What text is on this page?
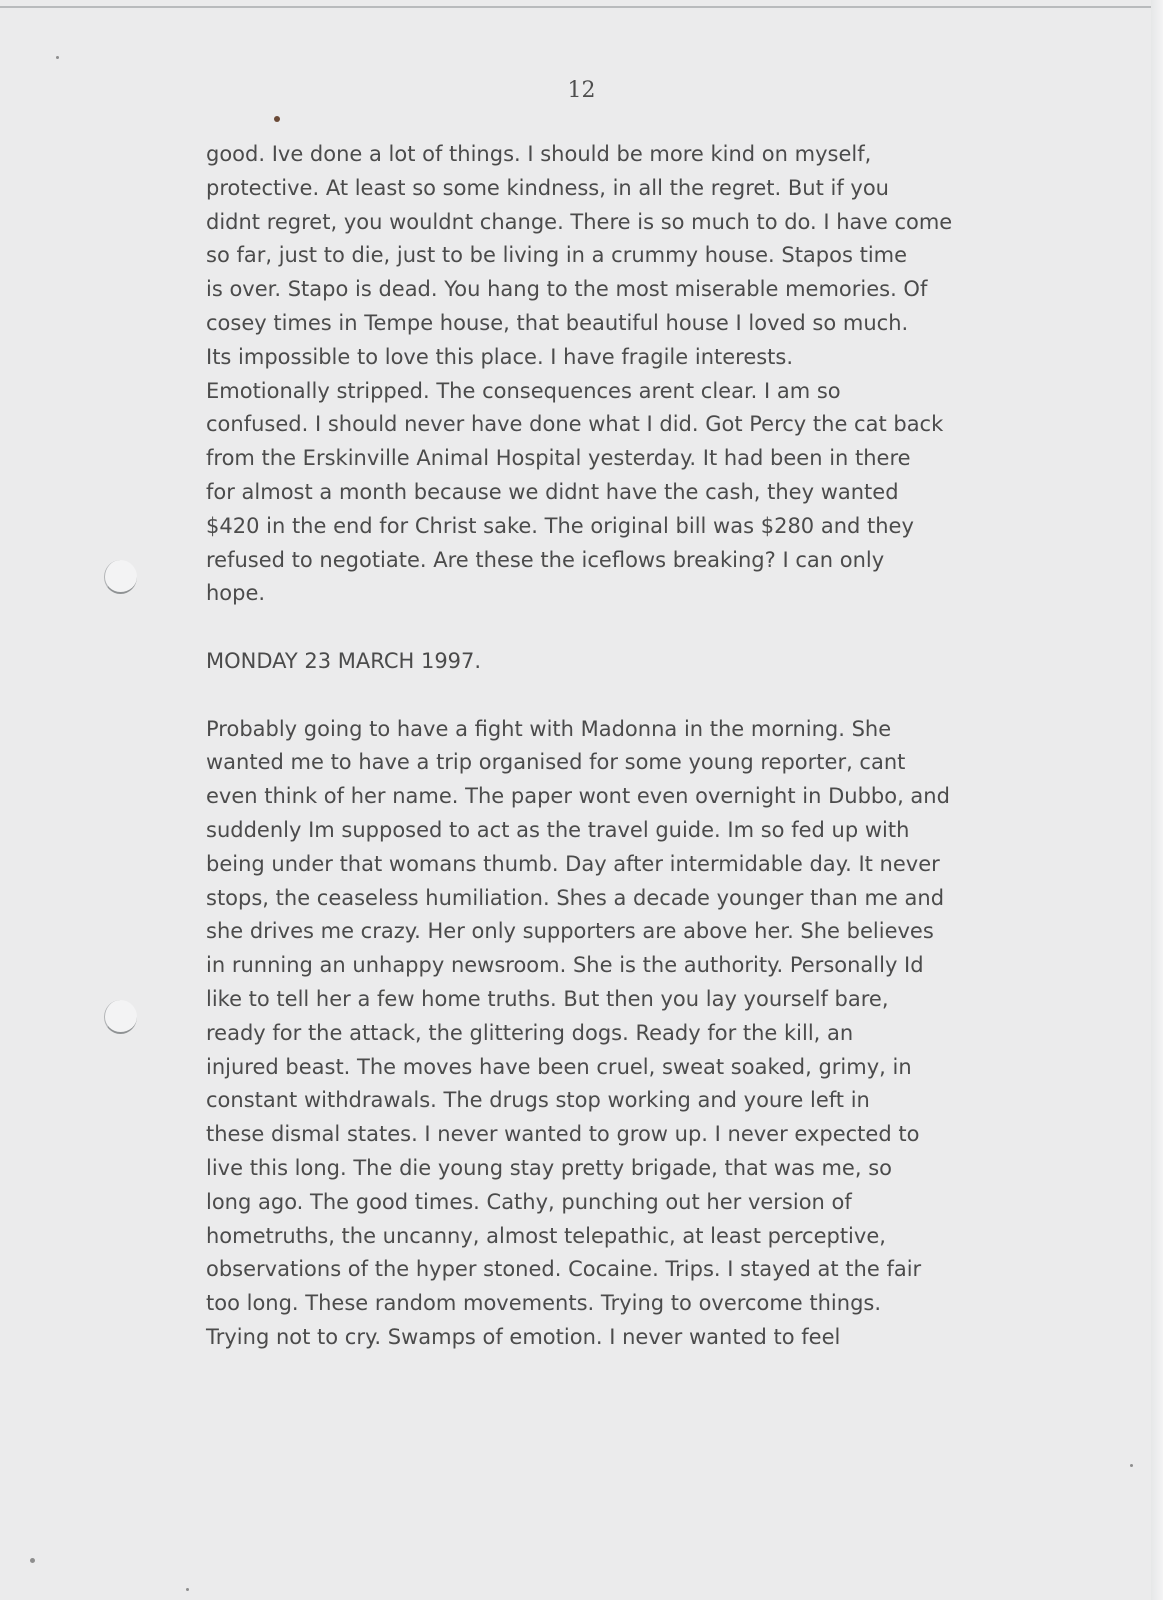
12
good. Ive done a lot of things. I should be more kind on myself,
protective. At least so some kindness, in all the regret. But if you
didnt regret, you wouldnt change. There is so much to do. I have come
so far, just to die, just to be living in a crummy house. Stapos time
is over. Stapo is dead. You hang to the most miserable memories. Of
cosey times in Tempe house, that beautiful house I loved so much.
Its impossible to love this place. I have fragile interests.
Emotionally stripped. The consequences arent clear. I am so
confused. I should never have done what I did. Got Percy the cat back
from the Erskinville Animal Hospital yesterday. It had been in there
for almost a month because we didnt have the cash, they wanted
$420 in the end for Christ sake. The original bill was $280 and they
refused to negotiate. Are these the iceflows breaking? I can only
hope.
MONDAY 23 MARCH 1997.
Probably going to have a fight with Madonna in the morning. She
wanted me to have a trip organised for some young reporter, cant
even think of her name. The paper wont even overnight in Dubbo, and
suddenly Im supposed to act as the travel guide. Im so fed up with
being under that womans thumb. Day after intermidable day. It never
stops, the ceaseless humiliation. Shes a decade younger than me and
she drives me crazy. Her only supporters are above her. She believes
in running an unhappy newsroom. She is the authority. Personally Id
like to tell her a few home truths. But then you lay yourself bare,
ready for the attack, the glittering dogs. Ready for the kill, an
injured beast. The moves have been cruel, sweat soaked, grimy, in
constant withdrawals. The drugs stop working and youre left in
these dismal states. I never wanted to grow up. I never expected to
live this long. The die young stay pretty brigade, that was me, so
long ago. The good times. Cathy, punching out her version of
hometruths, the uncanny, almost telepathic, at least perceptive,
observations of the hyper stoned. Cocaine. Trips. I stayed at the fair
too long. These random movements. Trying to overcome things.
Trying not to cry. Swamps of emotion. I never wanted to feel
